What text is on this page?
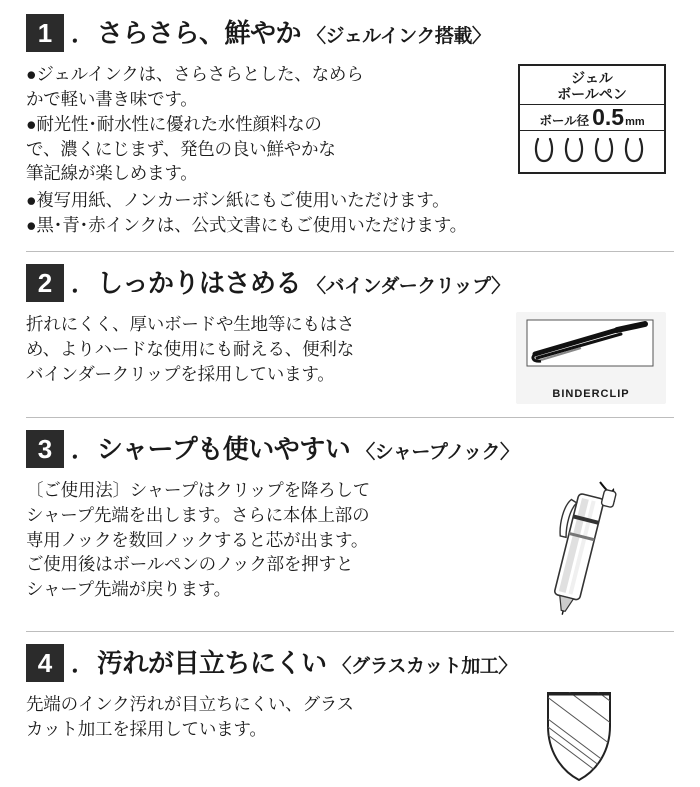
1 ． さらさら、鮮やか 〈ジェルインク搭載〉

●ジェルインクは、さらさらとした、なめら

かで軽い書き味です。

●耐光性･耐水性に優れた水性顔料なの

で、濃くにじまず、発色の良い鮮やかな

筆記線が楽しめます。

ジェル
ボールペン
ボール径 0.5 mm

●複写用紙、ノンカーボン紙にもご使用いただけます。

●黒･青･赤インクは、公式文書にもご使用いただけます。

2 ． しっかりはさめる 〈バインダークリップ〉

折れにくく、厚いボードや生地等にもはさ

め、よりハードな使用にも耐える、便利な

バインダークリップを採用しています。

BINDERCLIP
3 ． シャープも使いやすい 〈シャープノック〉

〔ご使用法〕シャープはクリップを降ろして

シャープ先端を出します。さらに本体上部の

専用ノックを数回ノックすると芯が出ます。

ご使用後はボールペンのノック部を押すと

シャープ先端が戻ります。

4 ． 汚れが目立ちにくい 〈グラスカット加工〉

先端のインク汚れが目立ちにくい、グラス

カット加工を採用しています。
